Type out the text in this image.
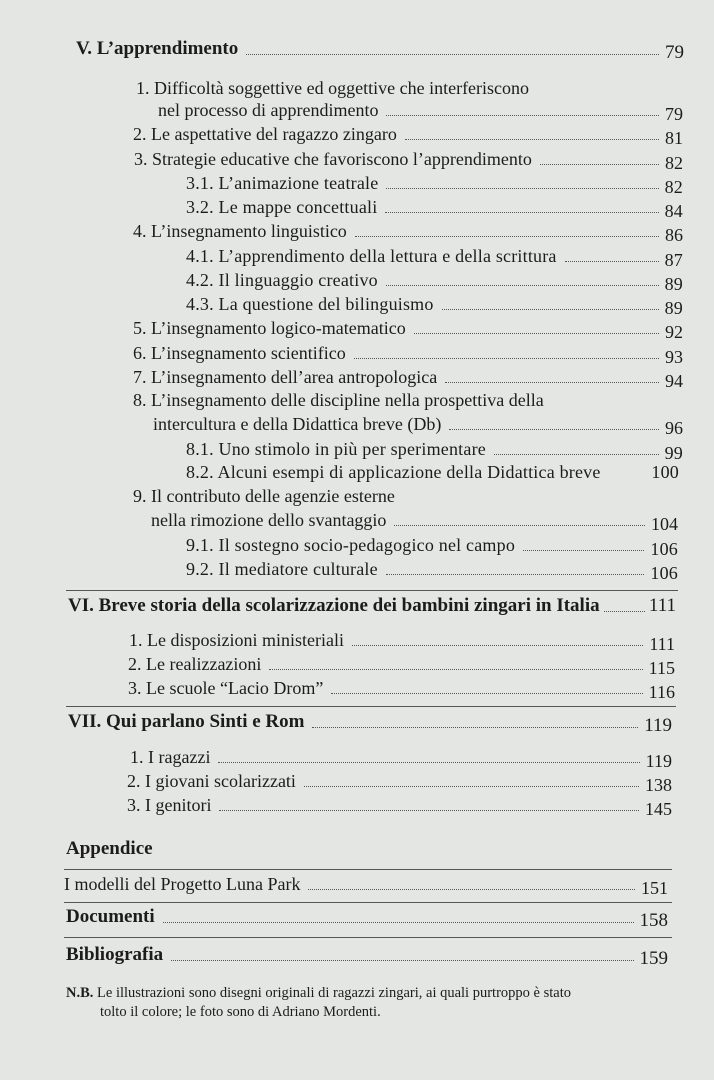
V. L’apprendimento	79
1. Difficoltà soggettive ed oggettive che interferiscono
nel processo di apprendimento	79
2. Le aspettative del ragazzo zingaro	81
3. Strategie educative che favoriscono l’apprendimento	82
3.1. L’animazione teatrale	82
3.2. Le mappe concettuali	84
4. L’insegnamento linguistico	86
4.1. L’apprendimento della lettura e della scrittura	87
4.2. Il linguaggio creativo	89
4.3. La questione del bilinguismo	89
5. L’insegnamento logico-matematico	92
6. L’insegnamento scientifico	93
7. L’insegnamento dell’area antropologica	94
8. L’insegnamento delle discipline nella prospettiva della
intercultura e della Didattica breve (Db)	96
8.1. Uno stimolo in più per sperimentare	99
8.2. Alcuni esempi di applicazione della Didattica breve	100
9. Il contributo delle agenzie esterne
nella rimozione dello svantaggio	104
9.1. Il sostegno socio-pedagogico nel campo	106
9.2. Il mediatore culturale	106
VI. Breve storia della scolarizzazione dei bambini zingari in Italia	111
1. Le disposizioni ministeriali	111
2. Le realizzazioni	115
3. Le scuole “Lacio Drom”	116
VII. Qui parlano Sinti e Rom	119
1. I ragazzi	119
2. I giovani scolarizzati	138
3. I genitori	145
Appendice
I modelli del Progetto Luna Park	151
Documenti	158
Bibliografia	159
N.B. Le illustrazioni sono disegni originali di ragazzi zingari, ai quali purtroppo è stato
tolto il colore; le foto sono di Adriano Mordenti.
